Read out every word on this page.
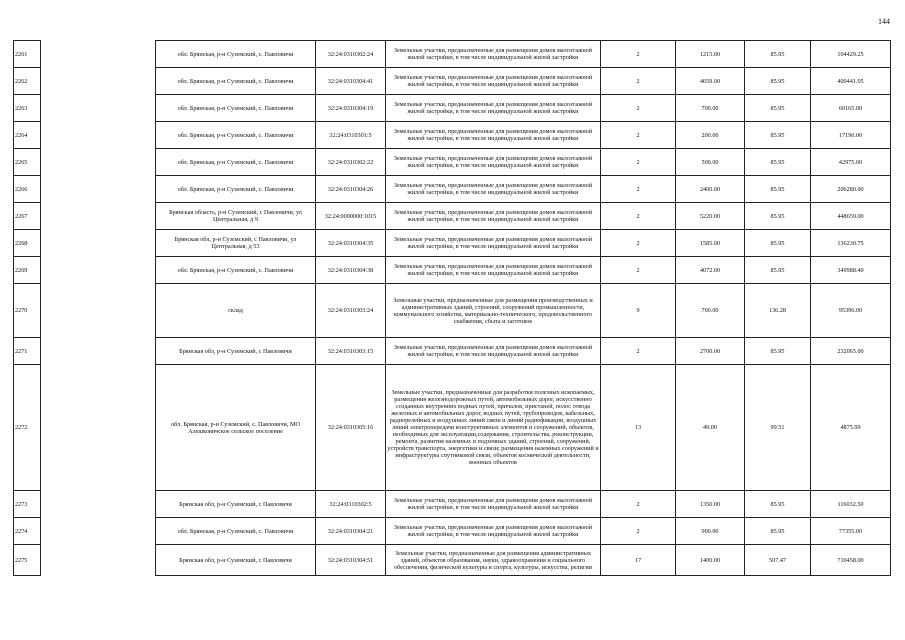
144
2261		обл. Брянская, р-н Суземский, с. Павловичи	32:24:0310302:24	Земельные участки, предназначенные для размещения домов малоэтажной жилой застройки, в том числе индивидуальной жилой застройки	2	1215.00	85.95	104429.25
2262		обл. Брянская, р-н Суземский, с. Павловичи	32:24:0310304:41	Земельные участки, предназначенные для размещения домов малоэтажной жилой застройки, в том числе индивидуальной жилой застройки	2	4659.00	85.95	400441.05
2263		обл. Брянская, р-н Суземский, с. Павловичи	32:24:0310304:19	Земельные участки, предназначенные для размещения домов малоэтажной жилой застройки, в том числе индивидуальной жилой застройки	2	700.00	85.95	60165.00
2264		обл. Брянская, р-н Суземский, с. Павловичи	32:24:0310301:5	Земельные участки, предназначенные для размещения домов малоэтажной жилой застройки, в том числе индивидуальной жилой застройки	2	200.00	85.95	17190.00
2265		обл. Брянская, р-н Суземский, с. Павловичи	32:24:0310302:22	Земельные участки, предназначенные для размещения домов малоэтажной жилой застройки, в том числе индивидуальной жилой застройки	2	500.00	85.95	42975.00
2266		обл. Брянская, р-н Суземский, с. Павловичи	32:24:0310304:26	Земельные участки, предназначенные для размещения домов малоэтажной жилой застройки, в том числе индивидуальной жилой застройки	2	2400.00	85.95	206280.00
2267		Брянская область, р-н Суземский, с Павловичи, ул Центральная, д 9	32:24:0000000:1015	Земельные участки, предназначенные для размещения домов малоэтажной жилой застройки, в том числе индивидуальной жилой застройки	2	5220.00	85.95	448659.00
2268		Брянская обл, р-н Суземский, с Павловичи, ул Центральная, д 53	32:24:0310304:35	Земельные участки, предназначенные для размещения домов малоэтажной жилой застройки, в том числе индивидуальной жилой застройки	2	1585.00	85.95	136230.75
2269		обл. Брянская, р-н Суземский, с. Павловичи	32:24:0310304:38	Земельные участки, предназначенные для размещения домов малоэтажной жилой застройки, в том числе индивидуальной жилой застройки	2	4072.00	85.95	349988.40
2270		склад	32:24:0310303:24	Земельные участки, предназначенные для размещения производственных и административных зданий, строений, сооружений промышленности, коммунального хозяйства, материально-технического, продовольственного снабжения, сбыта и заготовок	9	700.00	136.28	95396.00
2271		Брянская обл, р-н Суземский, с Павловичи	32:24:0310303:15	Земельные участки, предназначенные для размещения домов малоэтажной жилой застройки, в том числе индивидуальной жилой застройки	2	2700.00	85.95	232065.00
2272		обл. Брянская, р-н Суземский, с. Павловичи, МО Алешковичское сельское поселение	32:24:0310305:16	Земельные участки, предназначенные для разработки полезных ископаемых, размещения железнодорожных путей, автомобильных дорог, искусственно созданных внутренних водных путей, причалов, пристаней, полос отвода железных и автомобильных дорог, водных путей, трубопроводов, кабельных, радиорелейных и воздушных линий связи и линий радиофикации, воздушных линий электропередачи конструктивных элементов и сооружений, объектов, необходимых для эксплуатации,содержания, строительства, реконструкции, ремонта, развития наземных и подземных зданий, строений, сооружений, устройств транспорта, энергетики и связи; размещения наземных сооружений и инфраструктуры спутниковой связи, объектов космической деятельности, военных объектов	13	49.00	99.51	4875.99
2273		Брянская обл, р-н Суземский, с Павловичи	32:24:0310302:5	Земельные участки, предназначенные для размещения домов малоэтажной жилой застройки, в том числе индивидуальной жилой застройки	2	1350.00	85.95	116032.50
2274		обл. Брянская, р-н Суземский, с. Павловичи	32:24:0310304:21	Земельные участки, предназначенные для размещения домов малоэтажной жилой застройки, в том числе индивидуальной жилой застройки	2	900.00	85.95	77355.00
2275		Брянская обл, р-н Суземский, с Павловичи	32:24:0310304:51	Земельные участки, предназначенные для размещения административных зданий, объектов образования, науки, здравоохранения и социального обеспечения, физической культуры и спорта, культуры, искусства, религии	17	1400.00	507.47	710458.00
